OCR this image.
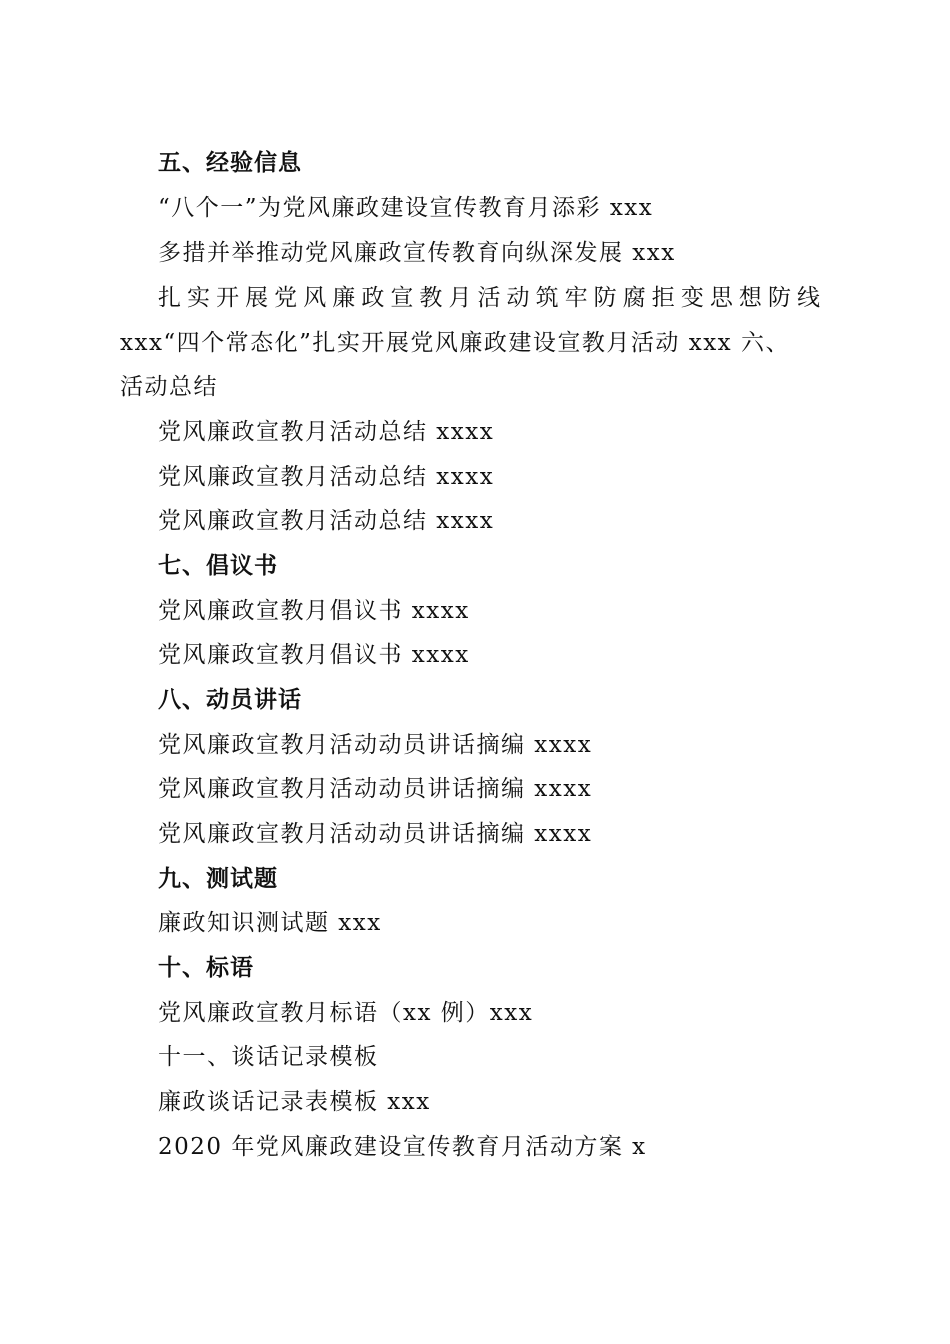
五、经验信息
“八个一”为党风廉政建设宣传教育月添彩 xxx
多措并举推动党风廉政宣传教育向纵深发展 xxx
扎实开展党风廉政宣教月活动筑牢防腐拒变思想防线
xxx“四个常态化”扎实开展党风廉政建设宣教月活动 xxx 六、
活动总结
党风廉政宣教月活动总结 xxxx
党风廉政宣教月活动总结 xxxx
党风廉政宣教月活动总结 xxxx
七、倡议书
党风廉政宣教月倡议书 xxxx
党风廉政宣教月倡议书 xxxx
八、动员讲话
党风廉政宣教月活动动员讲话摘编 xxxx
党风廉政宣教月活动动员讲话摘编 xxxx
党风廉政宣教月活动动员讲话摘编 xxxx
九、测试题
廉政知识测试题 xxx
十、标语
党风廉政宣教月标语（xx 例）xxx
十一、谈话记录模板
廉政谈话记录表模板 xxx
2020 年党风廉政建设宣传教育月活动方案 x
